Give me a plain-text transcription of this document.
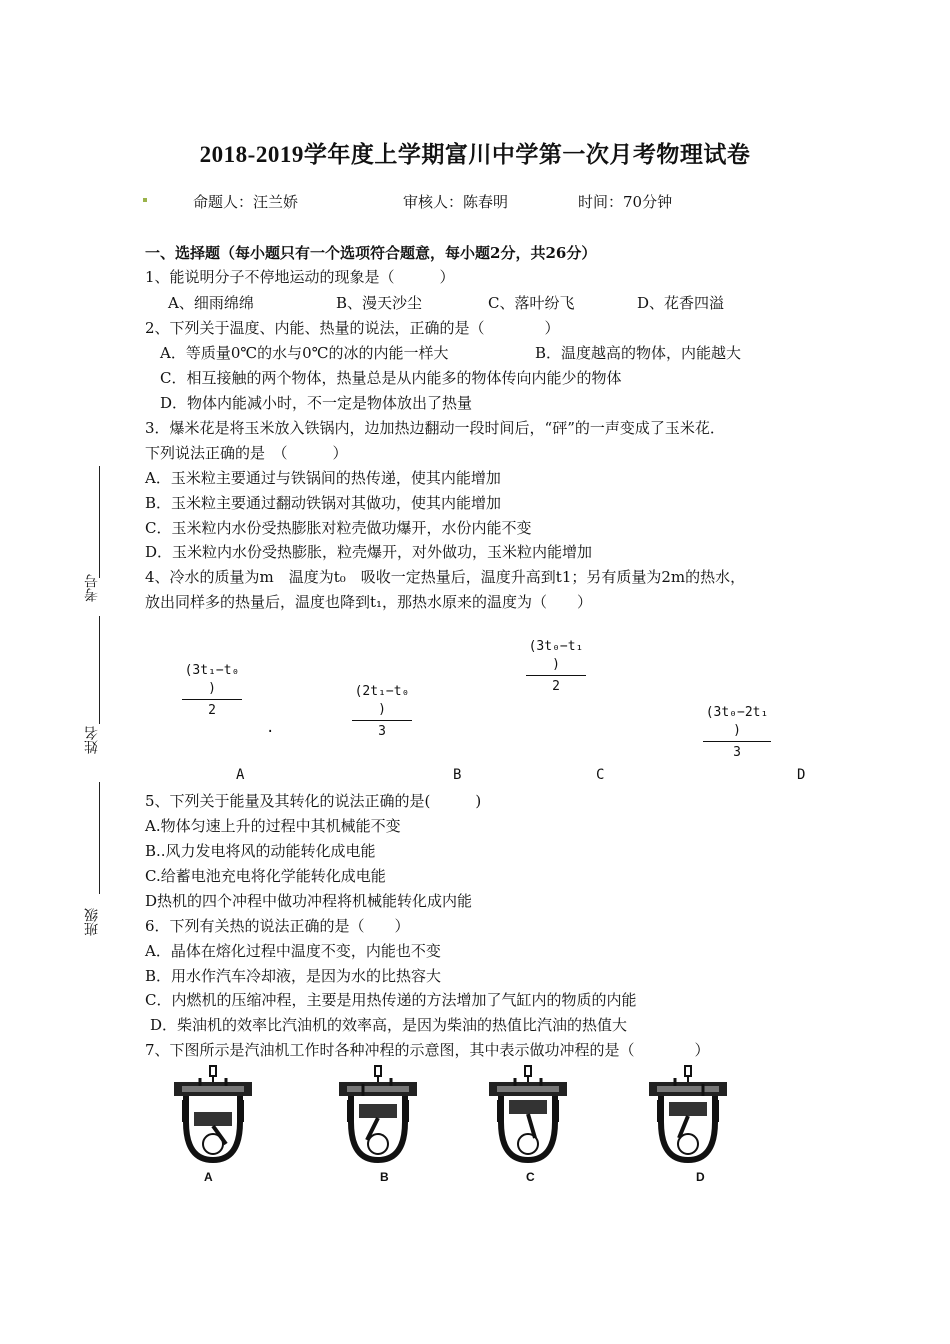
2018-2019学年度上学期富川中学第一次月考物理试卷
命题人：汪兰娇	审核人：陈春明	时间：70分钟
考号
姓名
班级
一、选择题（每小题只有一个选项符合题意，每小题2分，共26分）
1、能说明分子不停地运动的现象是（　　　）
A、细雨绵绵	B、漫天沙尘	C、落叶纷飞	D、花香四溢
2、下列关于温度、内能、热量的说法，正确的是（　　　　）
A．等质量0℃的水与0℃的冰的内能一样大	B．温度越高的物体，内能越大
C．相互接触的两个物体，热量总是从内能多的物体传向内能少的物体
D．物体内能减小时，不一定是物体放出了热量
3．爆米花是将玉米放入铁锅内，边加热边翻动一段时间后，“砰”的一声变成了玉米花．
下列说法正确的是　（　　　）
A．玉米粒主要通过与铁锅间的热传递，使其内能增加
B．玉米粒主要通过翻动铁锅对其做功，使其内能增加
C．玉米粒内水份受热膨胀对粒壳做功爆开，水份内能不变
D．玉米粒内水份受热膨胀，粒壳爆开，对外做功，玉米粒内能增加
4、冷水的质量为m　温度为t₀　吸收一定热量后，温度升高到t1；另有质量为2m的热水，
放出同样多的热量后，温度也降到t₁，那热水原来的温度为（　　）
(3t₁−t₀
)
2
.
(2t₁−t₀
)
3
(3t₀−t₁
)
2
(3t₀−2t₁
)
3
A	B	C	D
5、下列关于能量及其转化的说法正确的是(　　　)
A.物体匀速上升的过程中其机械能不变
B..风力发电将风的动能转化成电能
C.给蓄电池充电将化学能转化成电能
D热机的四个冲程中做功冲程将机械能转化成内能
6．下列有关热的说法正确的是（　　）
A．晶体在熔化过程中温度不变，内能也不变
B．用水作汽车冷却液，是因为水的比热容大
C．内燃机的压缩冲程，主要是用热传递的方法增加了气缸内的物质的内能
D．柴油机的效率比汽油机的效率高，是因为柴油的热值比汽油的热值大
7、下图所示是汽油机工作时各种冲程的示意图，其中表示做功冲程的是（　　　　）
A	B	C	D
